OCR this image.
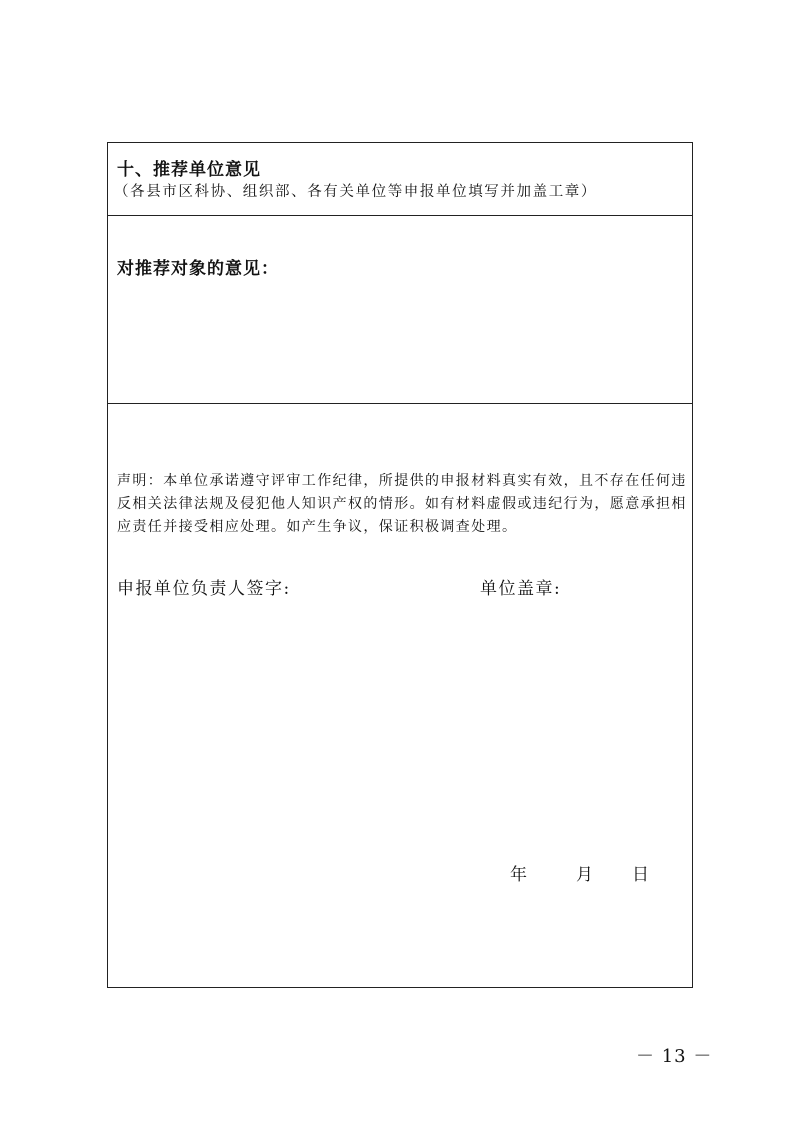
十、推荐单位意见
（各县市区科协、组织部、各有关单位等申报单位填写并加盖工章）
对推荐对象的意见：
声明：本单位承诺遵守评审工作纪律，所提供的申报材料真实有效，且不存在任何违反相关法律法规及侵犯他人知识产权的情形。如有材料虚假或违纪行为，愿意承担相应责任并接受相应处理。如产生争议，保证积极调查处理。
申报单位负责人签字:	单位盖章:
年	月 日
－ 13 －
